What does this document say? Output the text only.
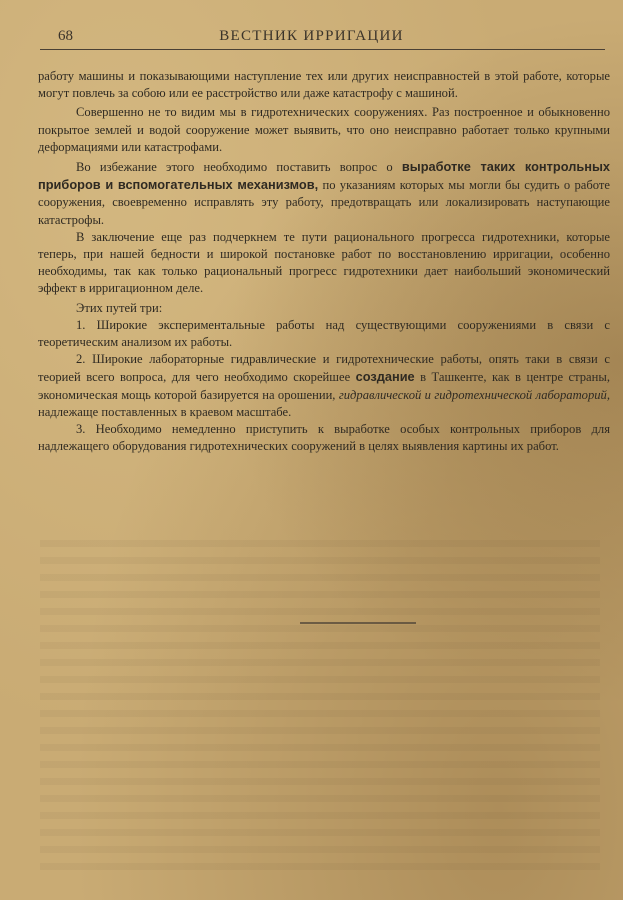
68	ВЕСТНИК ИРРИГАЦИИ

работу машины и показывающими наступление тех или других неисправностей в этой работе, которые могут повлечь за собою или ее расстройство или даже катастрофу с машиной.

Совершенно не то видим мы в гидротехнических сооружениях. Раз построенное и обыкновенно покрытое землей и водой сооружение может выявить, что оно неисправно работает только крупными деформациями или катастрофами.

Во избежание этого необходимо поставить вопрос о выработке таких контрольных приборов и вспомогательных механизмов, по указаниям которых мы могли бы судить о работе сооружения, своевременно исправлять эту работу, предотвращать или локализировать наступающие катастрофы.

В заключение еще раз подчеркнем те пути рационального прогресса гидротехники, которые теперь, при нашей бедности и широкой постановке работ по восстановлению ирригации, особенно необходимы, так как только рациональный прогресс гидротехники дает наибольший экономический эффект в ирригационном деле.

Этих путей три:

1. Широкие экспериментальные работы над существующими сооружениями в связи с теоретическим анализом их работы.

2. Широкие лабораторные гидравлические и гидротехнические работы, опять таки в связи с теорией всего вопроса, для чего необходимо скорейшее создание в Ташкенте, как в центре страны, экономическая мощь которой базируется на орошении, гидравлической и гидротехнической лабораторий, надлежаще поставленных в краевом масштабе.

3. Необходимо немедленно приступить к выработке особых контрольных приборов для надлежащего оборудования гидротехнических сооружений в целях выявления картины их работ.
